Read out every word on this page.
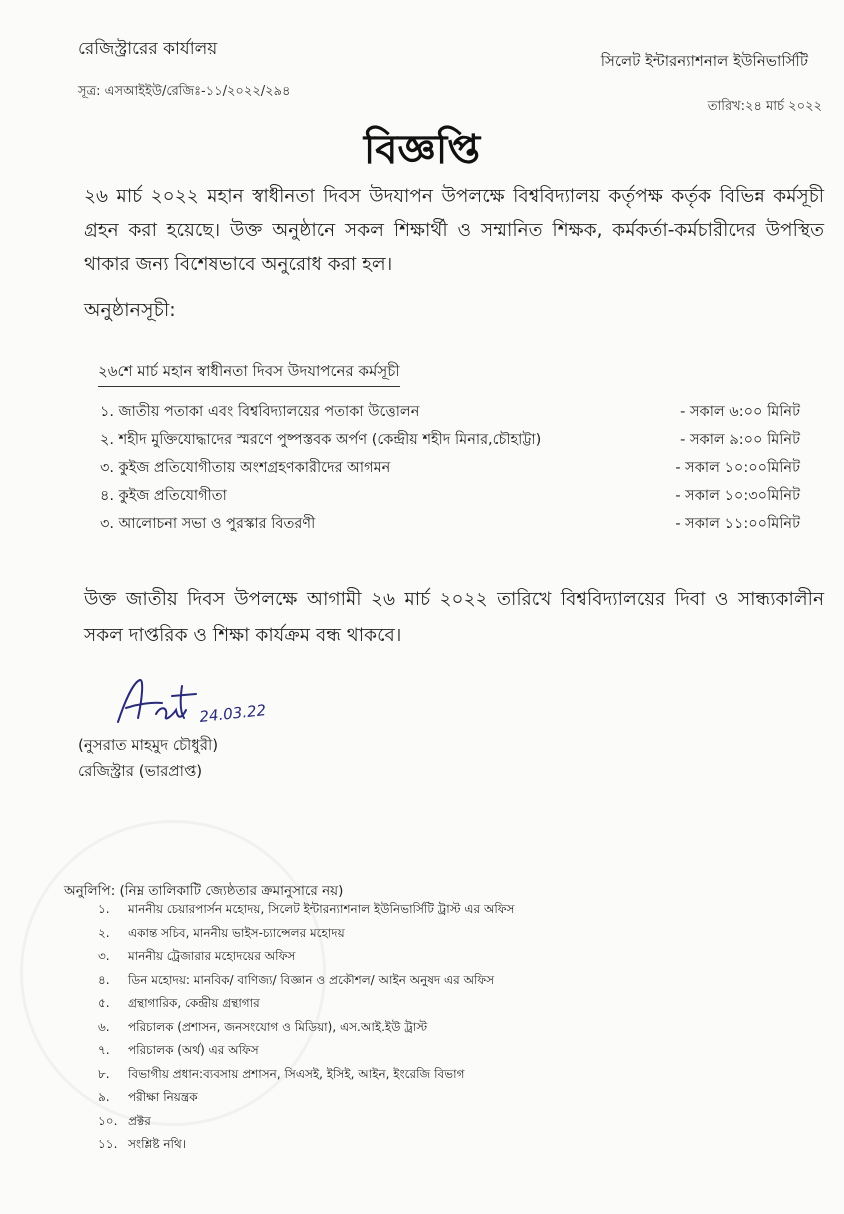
রেজিস্ট্রারের কার্যালয়
সিলেট ইন্টারন্যাশনাল ইউনিভার্সিটি
সূত্র: এসআইইউ/রেজিঃ-১১/২০২২/২৯৪
তারিখ:২৪ মার্চ ২০২২
বিজ্ঞপ্তি
২৬ মার্চ ২০২২ মহান স্বাধীনতা দিবস উদযাপন উপলক্ষে বিশ্ববিদ্যালয় কর্তৃপক্ষ কর্তৃক বিভিন্ন কর্মসূচী গ্রহন করা হয়েছে। উক্ত অনুষ্ঠানে সকল শিক্ষার্থী ও সম্মানিত শিক্ষক, কর্মকর্তা-কর্মচারীদের উপস্থিত থাকার জন্য বিশেষভাবে অনুরোধ করা হল।
অনুষ্ঠানসূচী:
২৬শে মার্চ মহান স্বাধীনতা দিবস উদযাপনের কর্মসূচী
১. জাতীয় পতাকা এবং বিশ্ববিদ্যালয়ের পতাকা উত্তোলন	- সকাল ৬:০০ মিনিট
২. শহীদ মুক্তিযোদ্ধাদের স্মরণে পুষ্পস্তবক অর্পণ (কেন্দ্রীয় শহীদ মিনার,চৌহাট্টা)	- সকাল ৯:০০ মিনিট
৩. কুইজ প্রতিযোগীতায় অংশগ্রহণকারীদের আগমন	- সকাল ১০:০০মিনিট
৪. কুইজ প্রতিযোগীতা	- সকাল ১০:৩০মিনিট
৩. আলোচনা সভা ও পুরস্কার বিতরণী	- সকাল ১১:০০মিনিট
উক্ত জাতীয় দিবস উপলক্ষে আগামী ২৬ মার্চ ২০২২ তারিখে বিশ্ববিদ্যালয়ের দিবা ও সান্ধ্যকালীন সকল দাপ্তরিক ও শিক্ষা কার্যক্রম বন্ধ থাকবে।
24.03.22
(নুসরাত মাহমুদ চৌধুরী)
রেজিস্ট্রার (ভারপ্রাপ্ত)
অনুলিপি: (নিম্ন তালিকাটি জ্যেষ্ঠতার ক্রমানুসারে নয়)
১. মাননীয় চেয়ারপার্সন মহোদয়, সিলেট ইন্টারন্যাশনাল ইউনিভার্সিটি ট্রাস্ট এর অফিস
২. একান্ত সচিব, মাননীয় ভাইস-চ্যান্সেলর মহোদয়
৩. মাননীয় ট্রেজারার মহোদয়ের অফিস
৪. ডিন মহোদয়: মানবিক/ বাণিজ্য/ বিজ্ঞান ও প্রকৌশল/ আইন অনুষদ এর অফিস
৫. গ্রন্থাগারিক, কেন্দ্রীয় গ্রন্থাগার
৬. পরিচালক (প্রশাসন, জনসংযোগ ও মিডিয়া), এস.আই.ইউ ট্রাস্ট
৭. পরিচালক (অর্থ) এর অফিস
৮. বিভাগীয় প্রধান:ব্যবসায় প্রশাসন, সিএসই, ইসিই, আইন, ইংরেজি বিভাগ
৯. পরীক্ষা নিয়ন্ত্রক
১০. প্রক্টর
১১. সংশ্লিষ্ট নথি।
